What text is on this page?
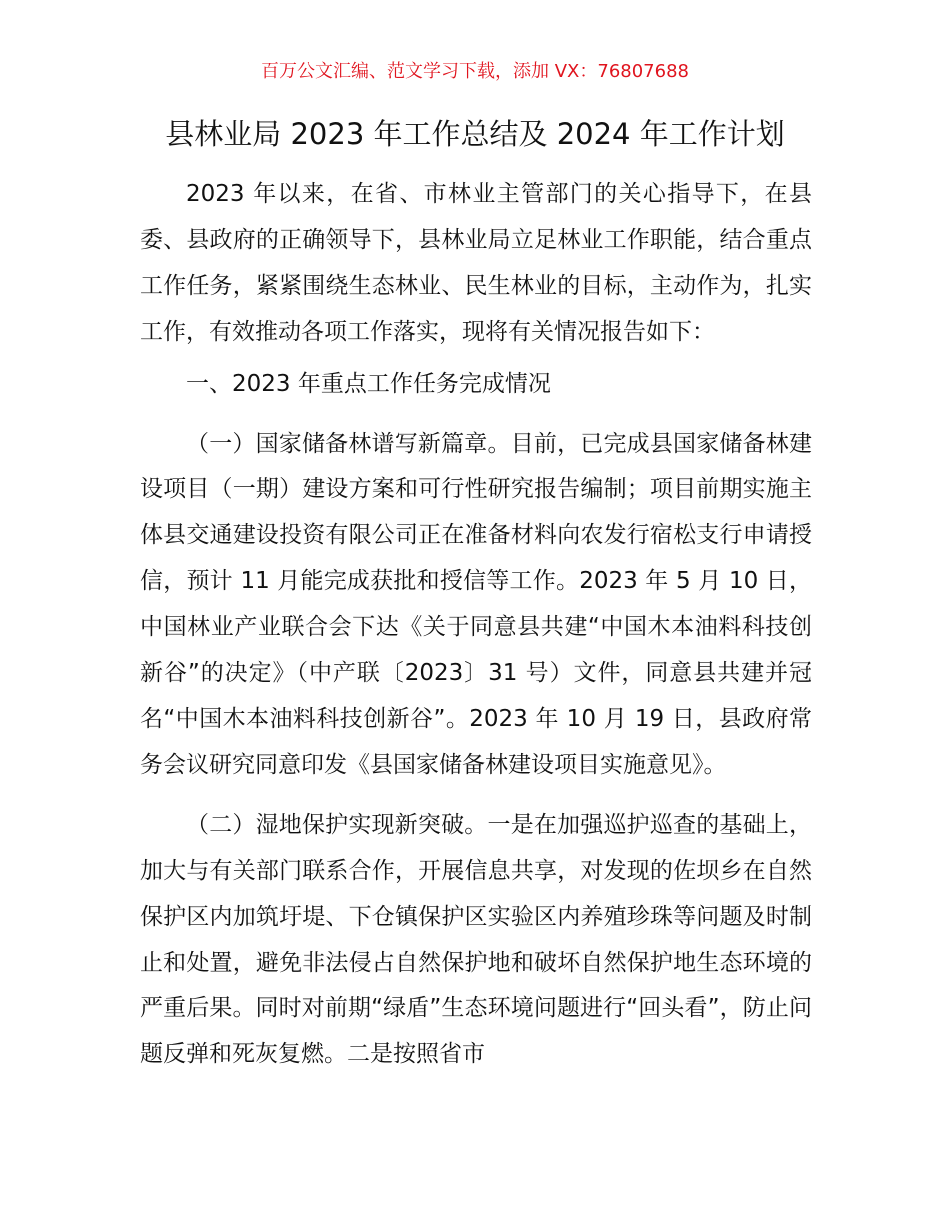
百万公文汇编、范文学习下载，添加 VX：76807688
县林业局 2023 年工作总结及 2024 年工作计划

2023 年以来，在省、市林业主管部门的关心指导下，在县委、县政府的正确领导下，县林业局立足林业工作职能，结合重点工作任务，紧紧围绕生态林业、民生林业的目标，主动作为，扎实工作，有效推动各项工作落实，现将有关情况报告如下：

一、2023 年重点工作任务完成情况

（一）国家储备林谱写新篇章。目前，已完成县国家储备林建设项目（一期）建设方案和可行性研究报告编制；项目前期实施主体县交通建设投资有限公司正在准备材料向农发行宿松支行申请授信，预计 11 月能完成获批和授信等工作。2023 年 5 月 10 日，中国林业产业联合会下达《关于同意县共建“中国木本油料科技创新谷”的决定》（中产联〔2023〕31 号）文件，同意县共建并冠名“中国木本油料科技创新谷”。2023 年 10 月 19 日，县政府常务会议研究同意印发《县国家储备林建设项目实施意见》。

（二）湿地保护实现新突破。一是在加强巡护巡查的基础上，加大与有关部门联系合作，开展信息共享，对发现的佐坝乡在自然保护区内加筑圩堤、下仓镇保护区实验区内养殖珍珠等问题及时制止和处置，避免非法侵占自然保护地和破坏自然保护地生态环境的严重后果。同时对前期“绿盾”生态环境问题进行“回头看”，防止问题反弹和死灰复燃。二是按照省市
